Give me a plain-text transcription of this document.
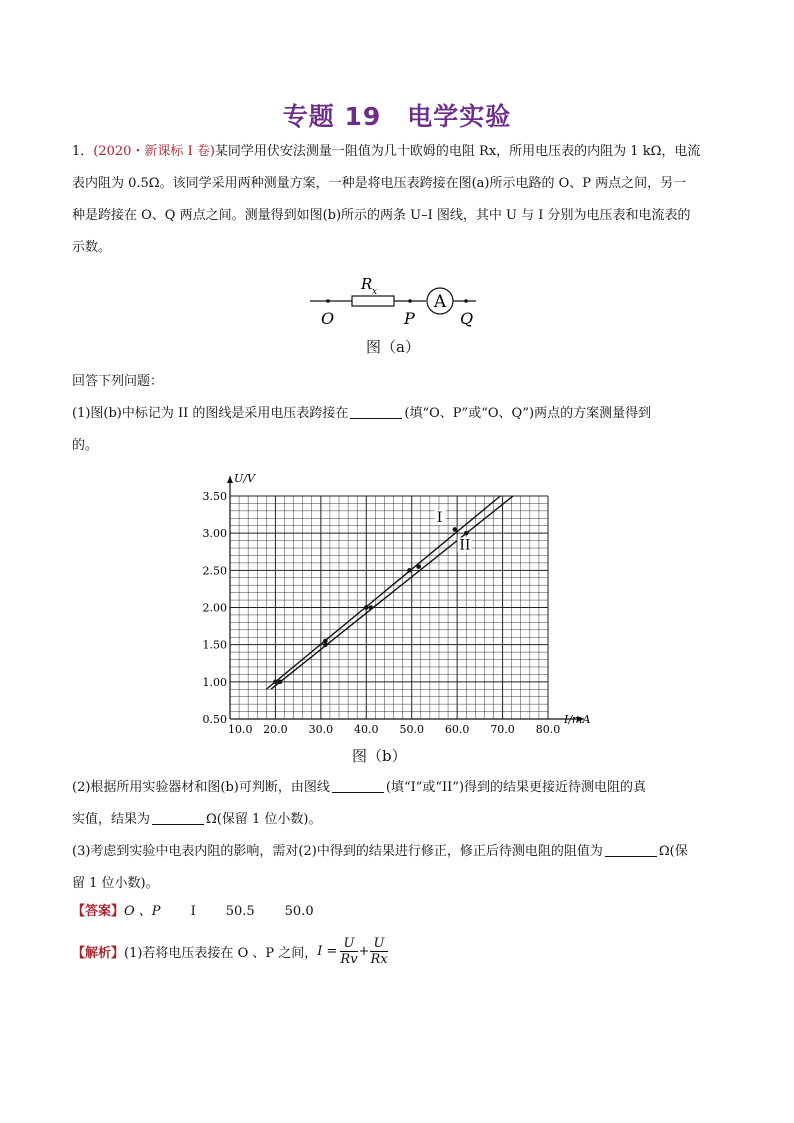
专题 19　电学实验
1．(2020・新课标 I 卷)某同学用伏安法测量一阻值为几十欧姆的电阻 Rx，所用电压表的内阻为 1 kΩ，电流
表内阻为 0.5Ω。该同学采用两种测量方案，一种是将电压表跨接在图(a)所示电路的 O、P 两点之间，另一
种是跨接在 O、Q 两点之间。测量得到如图(b)所示的两条 U–I 图线，其中 U 与 I 分别为电压表和电流表的
示数。
R x	A
O	P	Q
图（a）
回答下列问题：
(1)图(b)中标记为 II 的图线是采用电压表跨接在	(填“O、P”或“O、Q”)两点的方案测量得到
的。
10.0 20.0 30.0 40.0 50.0 60.0 70.0 80.0
0.50
1.00
1.50
2.00
2.50
3.00
3.50
I/mA
U/V
I
II
图（b）
(2)根据所用实验器材和图(b)可判断，由图线	(填“I”或“II”)得到的结果更接近待测电阻的真
实值，结果为	Ω(保留 1 位小数)。
(3)考虑到实验中电表内阻的影响，需对(2)中得到的结果进行修正，修正后待测电阻的阻值为	Ω(保
留 1 位小数)。
【答案】O 、P I 50.5 50.0
【解析】 (1)若将电压表接在 O 、P 之间， $I = \frac{U}{Rv} + \frac{U}{Rx}$
